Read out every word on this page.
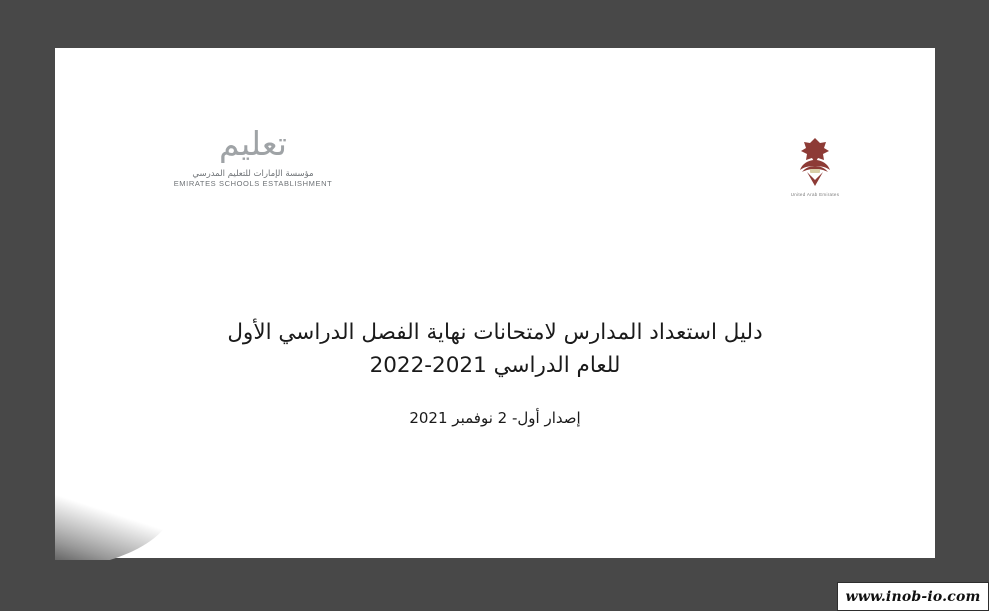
تعليم
مؤسسة الإمارات للتعليم المدرسي
EMIRATES SCHOOLS ESTABLISHMENT
United Arab Emirates
دليل استعداد المدارس لامتحانات نهاية الفصل الدراسي الأول
للعام الدراسي 2021-2022
إصدار أول- 2 نوفمبر 2021
www.inob-io.com
